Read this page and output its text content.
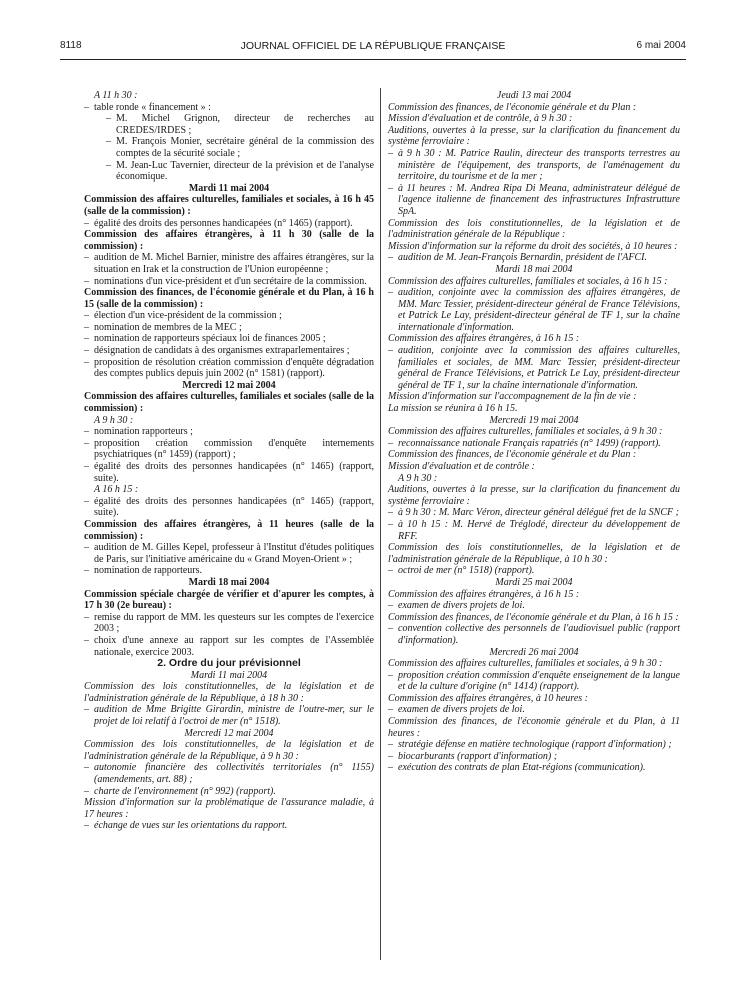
8118	JOURNAL OFFICIEL DE LA RÉPUBLIQUE FRANÇAISE	6 mai 2004

A 11 h 30 :

– table ronde « financement » :
– M. Michel Grignon, directeur de recherches au CREDES/IRDES ;
– M. François Monier, secrétaire général de la commission des comptes de la sécurité sociale ;
– M. Jean-Luc Tavernier, directeur de la prévision et de l'analyse économique.

Mardi 11 mai 2004

Commission des affaires culturelles, familiales et sociales, à 16 h 45 (salle de la commission) :

– égalité des droits des personnes handicapées (n° 1465) (rapport).

Commission des affaires étrangères, à 11 h 30 (salle de la commission) :

– audition de M. Michel Barnier, ministre des affaires étrangères, sur la situation en Irak et la construction de l'Union européenne ;
– nominations d'un vice-président et d'un secrétaire de la commission.

Commission des finances, de l'économie générale et du Plan, à 16 h 15 (salle de la commission) :

– élection d'un vice-président de la commission ;
– nomination de membres de la MEC ;
– nomination de rapporteurs spéciaux loi de finances 2005 ;
– désignation de candidats à des organismes extraparlementaires ;
– proposition de résolution création commission d'enquête dégradation des comptes publics depuis juin 2002 (n° 1581) (rapport).

Mercredi 12 mai 2004

Commission des affaires culturelles, familiales et sociales (salle de la commission) :

A 9 h 30 :

– nomination rapporteurs ;
– proposition création commission d'enquête internements psychiatriques (n° 1459) (rapport) ;
– égalité des droits des personnes handicapées (n° 1465) (rapport, suite).

A 16 h 15 :

– égalité des droits des personnes handicapées (n° 1465) (rapport, suite).

Commission des affaires étrangères, à 11 heures (salle de la commission) :

– audition de M. Gilles Kepel, professeur à l'Institut d'études politiques de Paris, sur l'initiative américaine du « Grand Moyen-Orient » ;
– nomination de rapporteurs.

Mardi 18 mai 2004

Commission spéciale chargée de vérifier et d'apurer les comptes, à 17 h 30 (2e bureau) :

– remise du rapport de MM. les questeurs sur les comptes de l'exercice 2003 ;
– choix d'une annexe au rapport sur les comptes de l'Assemblée nationale, exercice 2003.

2. Ordre du jour prévisionnel

Mardi 11 mai 2004

Commission des lois constitutionnelles, de la législation et de l'administration générale de la République, à 18 h 30 :

– audition de Mme Brigitte Girardin, ministre de l'outre-mer, sur le projet de loi relatif à l'octroi de mer (n° 1518).

Mercredi 12 mai 2004

Commission des lois constitutionnelles, de la législation et de l'administration générale de la République, à 9 h 30 :

– autonomie financière des collectivités territoriales (n° 1155) (amendements, art. 88) ;
– charte de l'environnement (n° 992) (rapport).

Mission d'information sur la problématique de l'assurance maladie, à 17 heures :

– échange de vues sur les orientations du rapport.

Jeudi 13 mai 2004

Commission des finances, de l'économie générale et du Plan :

Mission d'évaluation et de contrôle, à 9 h 30 :

Auditions, ouvertes à la presse, sur la clarification du financement du système ferroviaire :

– à 9 h 30 : M. Patrice Raulin, directeur des transports terrestres au ministère de l'équipement, des transports, de l'aménagement du territoire, du tourisme et de la mer ;
– à 11 heures : M. Andrea Ripa Di Meana, administrateur délégué de l'agence italienne de financement des infrastructures Infrastrutture SpA.

Commission des lois constitutionnelles, de la législation et de l'administration générale de la République :

Mission d'information sur la réforme du droit des sociétés, à 10 heures :

– audition de M. Jean-François Bernardin, président de l'AFCI.

Mardi 18 mai 2004

Commission des affaires culturelles, familiales et sociales, à 16 h 15 :

– audition, conjointe avec la commission des affaires étrangères, de MM. Marc Tessier, président-directeur général de France Télévisions, et Patrick Le Lay, président-directeur général de TF 1, sur la chaîne internationale d'information.

Commission des affaires étrangères, à 16 h 15 :

– audition, conjointe avec la commission des affaires culturelles, familiales et sociales, de MM. Marc Tessier, président-directeur général de France Télévisions, et Patrick Le Lay, président-directeur général de TF 1, sur la chaîne internationale d'information.

Mission d'information sur l'accompagnement de la fin de vie :

La mission se réunira à 16 h 15.

Mercredi 19 mai 2004

Commission des affaires culturelles, familiales et sociales, à 9 h 30 :

– reconnaissance nationale Français rapatriés (n° 1499) (rapport).

Commission des finances, de l'économie générale et du Plan :

Mission d'évaluation et de contrôle :

A 9 h 30 :

Auditions, ouvertes à la presse, sur la clarification du financement du système ferroviaire :

– à 9 h 30 : M. Marc Véron, directeur général délégué fret de la SNCF ;
– à 10 h 15 : M. Hervé de Tréglodé, directeur du développement de RFF.

Commission des lois constitutionnelles, de la législation et de l'administration générale de la République, à 10 h 30 :

– octroi de mer (n° 1518) (rapport).

Mardi 25 mai 2004

Commission des affaires étrangères, à 16 h 15 :

– examen de divers projets de loi.

Commission des finances, de l'économie générale et du Plan, à 16 h 15 :

– convention collective des personnels de l'audiovisuel public (rapport d'information).

Mercredi 26 mai 2004

Commission des affaires culturelles, familiales et sociales, à 9 h 30 :

– proposition création commission d'enquête enseignement de la langue et de la culture d'origine (n° 1414) (rapport).

Commission des affaires étrangères, à 10 heures :

– examen de divers projets de loi.

Commission des finances, de l'économie générale et du Plan, à 11 heures :

– stratégie défense en matière technologique (rapport d'information) ;
– biocarburants (rapport d'information) ;
– exécution des contrats de plan Etat-régions (communication).
